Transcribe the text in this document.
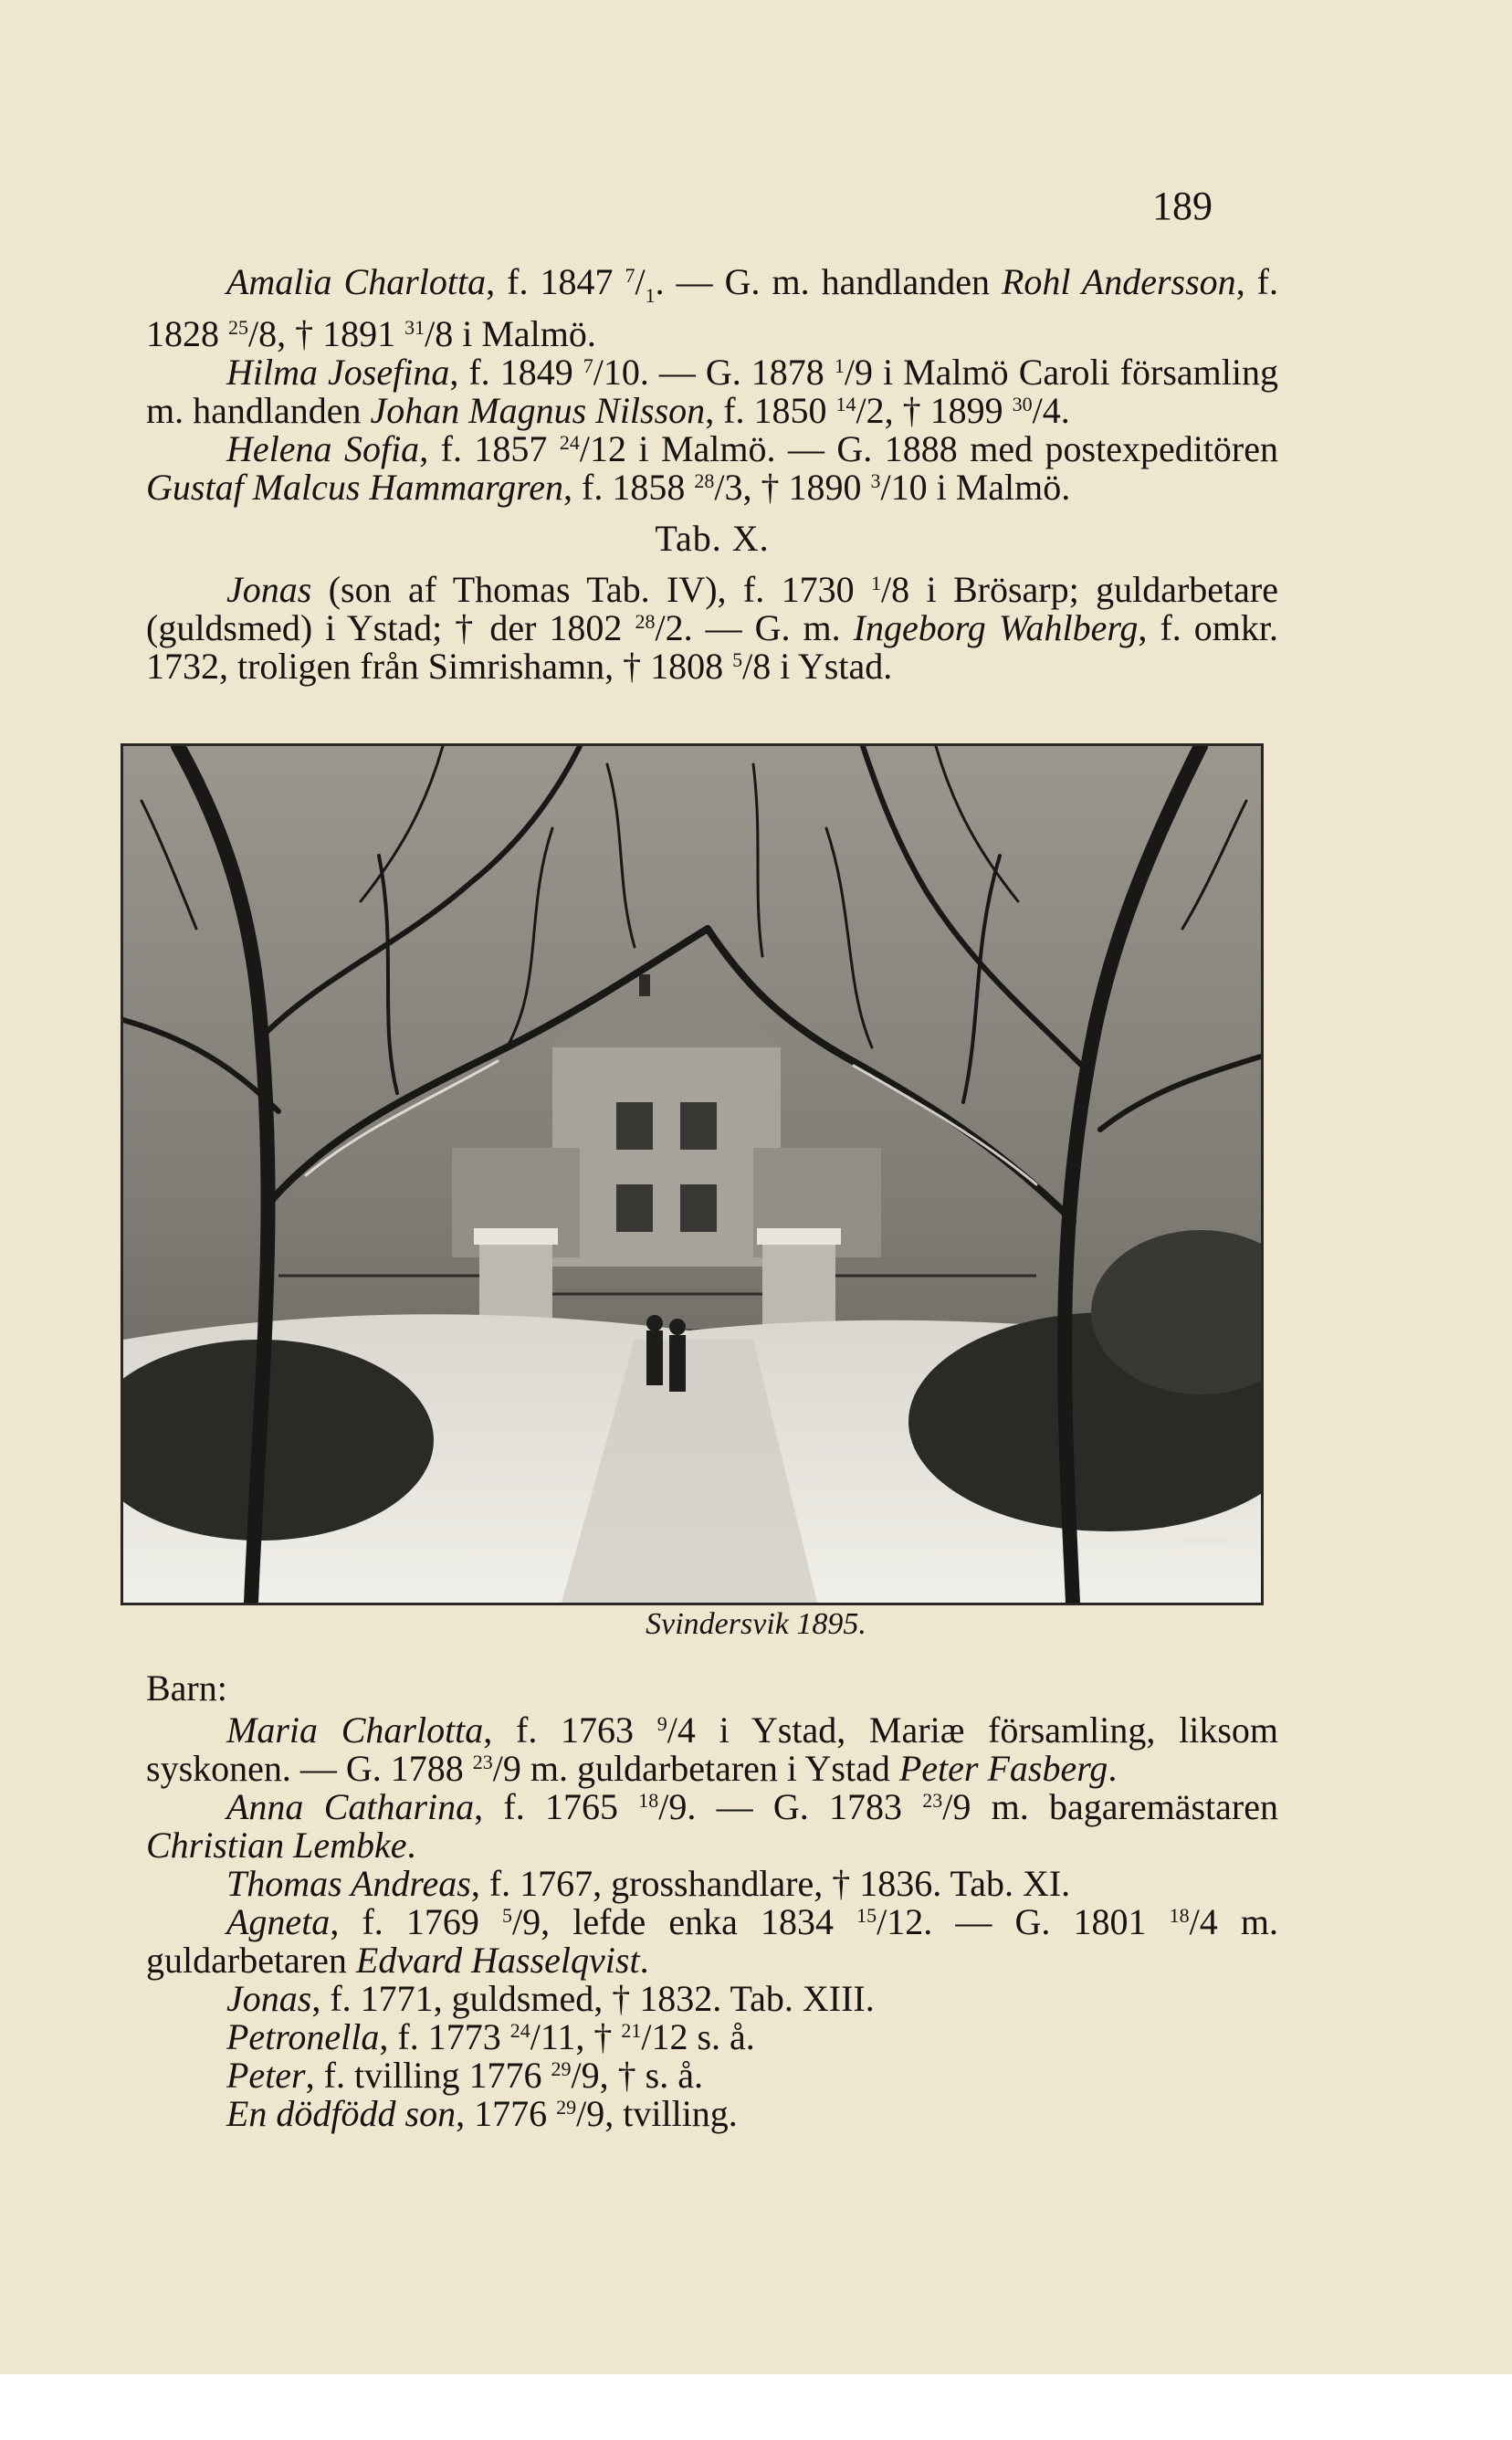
189

Amalia Charlotta, f. 1847 $^7/_1$. — G. m. handlanden Rohl Andersson, f. 1828 $^{25}$/8, † 1891 $^{31}$/8 i Malmö.

Hilma Josefina, f. 1849 $^7$/10. — G. 1878 $^1$/9 i Malmö Caroli församling m. handlanden Johan Magnus Nilsson, f. 1850 $^{14}$/2, † 1899 $^{30}$/4.

Helena Sofia, f. 1857 $^{24}$/12 i Malmö. — G. 1888 med postexpeditören Gustaf Malcus Hammargren, f. 1858 $^{28}$/3, † 1890 $^3$/10 i Malmö.

Tab. X.

Jonas (son af Thomas Tab. IV), f. 1730 $^1$/8 i Brösarp; guldarbetare (guldsmed) i Ystad; † der 1802 $^{28}$/2. — G. m. Ingeborg Wahlberg, f. omkr. 1732, troligen från Simrishamn, † 1808 $^5$/8 i Ystad.

Svindersvik 1895.
Barn:

Maria Charlotta, f. 1763 $^9$/4 i Ystad, Mariæ församling, liksom syskonen. — G. 1788 $^{23}$/9 m. guldarbetaren i Ystad Peter Fasberg.

Anna Catharina, f. 1765 $^{18}$/9. — G. 1783 $^{23}$/9 m. bagaremästaren Christian Lembke.

Thomas Andreas, f. 1767, grosshandlare, † 1836. Tab. XI.

Agneta, f. 1769 $^5$/9, lefde enka 1834 $^{15}$/12. — G. 1801 $^{18}$/4 m. guldarbetaren Edvard Hasselqvist.

Jonas, f. 1771, guldsmed, † 1832. Tab. XIII.

Petronella, f. 1773 $^{24}$/11, † $^{21}$/12 s. å.

Peter, f. tvilling 1776 $^{29}$/9, † s. å.

En dödfödd son, 1776 $^{29}$/9, tvilling.
